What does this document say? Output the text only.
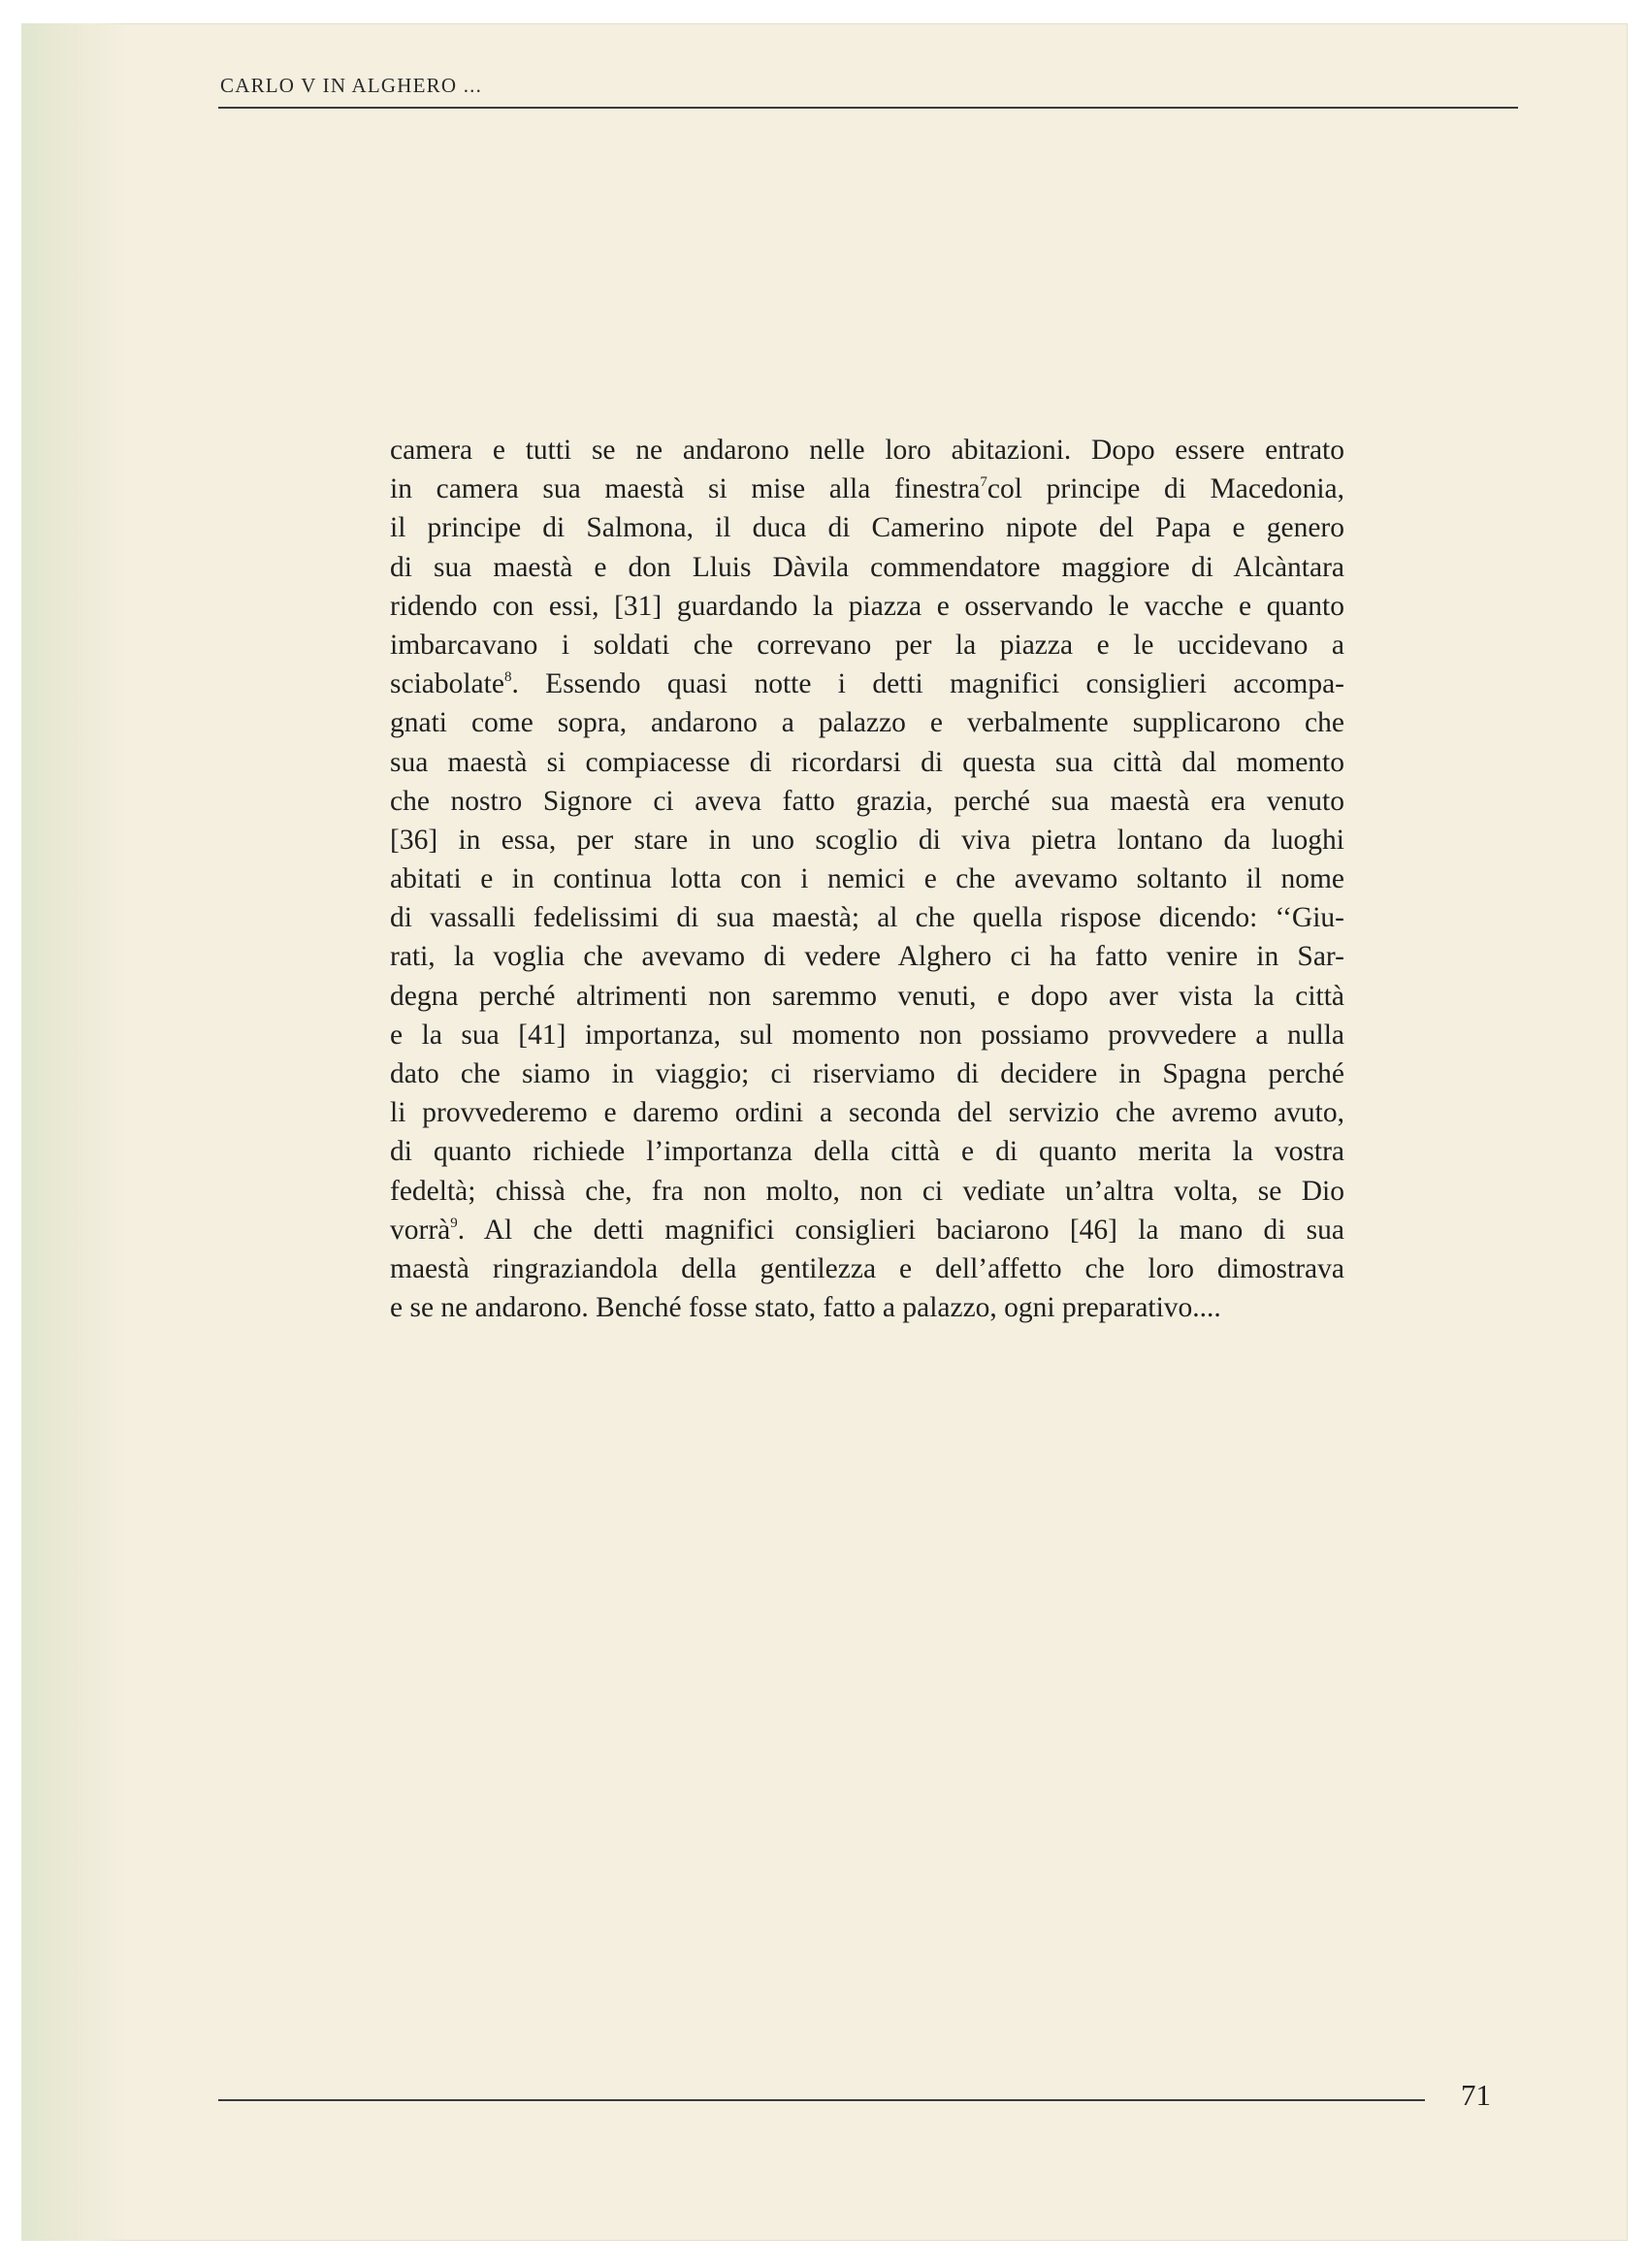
CARLO V IN ALGHERO ...
camera e tutti se ne andarono nelle loro abitazioni. Dopo essere entrato
in camera sua maestà si mise alla finestra$^7$col principe di Macedonia,
il principe di Salmona, il duca di Camerino nipote del Papa e genero
di sua maestà e don Lluis Dàvila commendatore maggiore di Alcàntara
ridendo con essi, [31] guardando la piazza e osservando le vacche e quanto
imbarcavano i soldati che correvano per la piazza e le uccidevano a
sciabolate$^8$. Essendo quasi notte i detti magnifici consiglieri accompa-
gnati come sopra, andarono a palazzo e verbalmente supplicarono che
sua maestà si compiacesse di ricordarsi di questa sua città dal momento
che nostro Signore ci aveva fatto grazia, perché sua maestà era venuto
[36] in essa, per stare in uno scoglio di viva pietra lontano da luoghi
abitati e in continua lotta con i nemici e che avevamo soltanto il nome
di vassalli fedelissimi di sua maestà; al che quella rispose dicendo: ‘‘Giu-
rati, la voglia che avevamo di vedere Alghero ci ha fatto venire in Sar-
degna perché altrimenti non saremmo venuti, e dopo aver vista la città
e la sua [41] importanza, sul momento non possiamo provvedere a nulla
dato che siamo in viaggio; ci riserviamo di decidere in Spagna perché
li provvederemo e daremo ordini a seconda del servizio che avremo avuto,
di quanto richiede l’importanza della città e di quanto merita la vostra
fedeltà; chissà che, fra non molto, non ci vediate un’altra volta, se Dio
vorrà$^9$. Al che detti magnifici consiglieri baciarono [46] la mano di sua
maestà ringraziandola della gentilezza e dell’affetto che loro dimostrava
e se ne andarono. Benché fosse stato, fatto a palazzo, ogni preparativo....
71
